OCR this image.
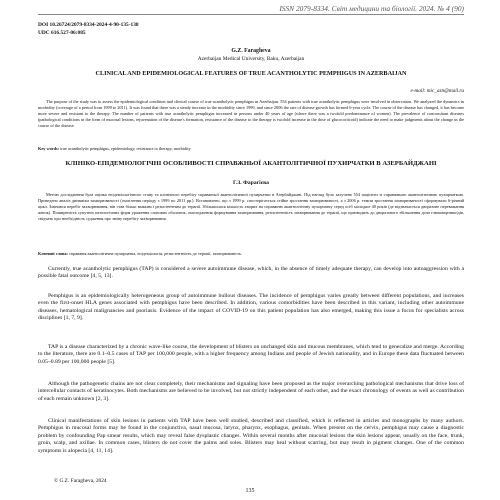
ISSN 2079-8334. Світ медицини та біології. 2024. № 4 (90)
DOI 10.26724/2079-8334-2024-4-90-135-138
UDC 616.527-06:085
G.Z. Faragheva
Azerbaijan Medical University, Baku, Azerbaijan
CLINICAL AND EPIDEMIOLOGICAL FEATURES OF TRUE ACANTHOLYTIC PEMPHIGUS IN AZERBAIJAN
e-mail: mic_azn@mail.ru
The purpose of the study was to assess the epidemiological condition and clinical course of true acantholytic pemphigus in Azerbaijan. 554 patients with true acantholytic pemphigus were involved in observation. We analyzed the dynamics in morbidity (coverage of a period from 1999 to 2011). It was found that there was a steady increase in the morbidity since 1999, and since 2006 the rate of disease growth has formed 6-year cycle. The course of the disease has changed, it has become more severe and resistant to the therapy. The number of patients with true acantholytic pemphigus increased in persons under 40 years of age (where there was a twofold predominance of women). The prevalence of concomitant diseases (pathological conditions in the form of mucosal lesions, rejuvenation of the disease's formation, resistance of the disease to the therapy is twofold increase in the dose of glucocorticoid) indicate the need to make judgments about the change in the course of the disease.
Key words: true acantholytic pemphigus, epidemiology, resistance to therapy, morbidity.
КЛІНІКО-ЕПІДЕМІОЛОГІЧНІ ОСОБЛИВОСТІ СПРАВЖНЬОЇ АКАНТОЛІТИЧНОЇ ПУХИРЧАТКИ В АЗЕРБАЙДЖАНІ
Г.З. Фарагієва
Метою дослідження була оцінка епідеміологічного стану та клінічного перебігу справжньої акантолітичної пухирчатки в Азербайджані. Під нагляд було залучено 554 пацієнти зі справжньою акантолітичною пухирчаткою. Проведено аналіз динаміки захворюваності (охоплення періоду з 1999 по 2011 рр.). Встановлено, що з 1999 р. спостерігається стійке зростання захворюваності, а з 2006 р. темпи зростання захворюваності сформували 6-річний цикл. Змінився перебіг захворювання, він став більш важким і резистентним до терапії. Збільшилася кількість хворих на справжню акантолітичну пухирчатку серед осіб молодше 40 років (де відзначається дворазове переважання жінок). Поширеність супутніх патологічних форм ураження слизових оболонок, омолодження формування захворювання, резистентність захворювання до терапії, що призводить до дворазового збільшення дози глюкокортикоїдів, свідчать про необхідність судження про зміну перебігу захворювання.
Ключові слова: справжня акантолітична пухирчатка, епідеміологія, резистентність до терапії, захворюваність.
Currently, true acantholytic pemphigus (TAP) is considered a severe autoimmune disease, which, in the absence of timely adequate therapy, can develop into autoaggression with a possible fatal outcome [4, 5, 13].
Pemphigus is an epidemiologically heterogeneous group of autoimmune bullous diseases. The incidence of pemphigus varies greatly between different populations, and increases even the first-onset HLA genes associated with pemphigus have been described. In addition, various comorbidities have been described in this variant, including other autoimmune diseases, hematological malignancies and psoriasis. Evidence of the impact of COVID-19 on this patient population has also emerged, making this issue a focus for specialists across disciplines [1, 7, 9].
TAP is a disease characterized by a chronic wave-like course, the development of blisters on unchanged skin and mucous membranes, which tend to generalize and merge. According to the literature, there are 0.1–0.5 cases of TAP per 100,000 people, with a higher frequency among Indians and people of Jewish nationality, and in Europe these data fluctuated between 0.05–0.89 per 100,000 people [5].
Although the pathogenetic chains are not clear completely, their mechanisms and signaling have been proposed as the major overarching pathological mechanisms that drive loss of intercellular contacts of keratinocytes. Both mechanisms are believed to be involved, but not strictly independent of each other, and the exact chronology of events as well as contribution of each remain unknown [2, 3].
Clinical manifestations of skin lesions in patients with TAP have been well studied, described and classified, which is reflected in articles and monographs by many authors. Pemphigus in mucosal forms may be found in the conjunctiva, nasal mucosa, larynx, pharynx, esophagus, genitals. When present on the cervix, pemphigus may cause a diagnostic problem by confounding Pap smear results, which may reveal false dysplastic changes. Within several months after mucosal lesions the skin lesions appear, usually on the face, trunk, groin, scalp, and axillae. In common cases, blisters do not cover the palms and soles. Blisters may heal without scarring, but may result in pigment changes. One of the common symptoms is alopecia [4, 11, 14].
© G.Z. Faragheva, 2024
135
